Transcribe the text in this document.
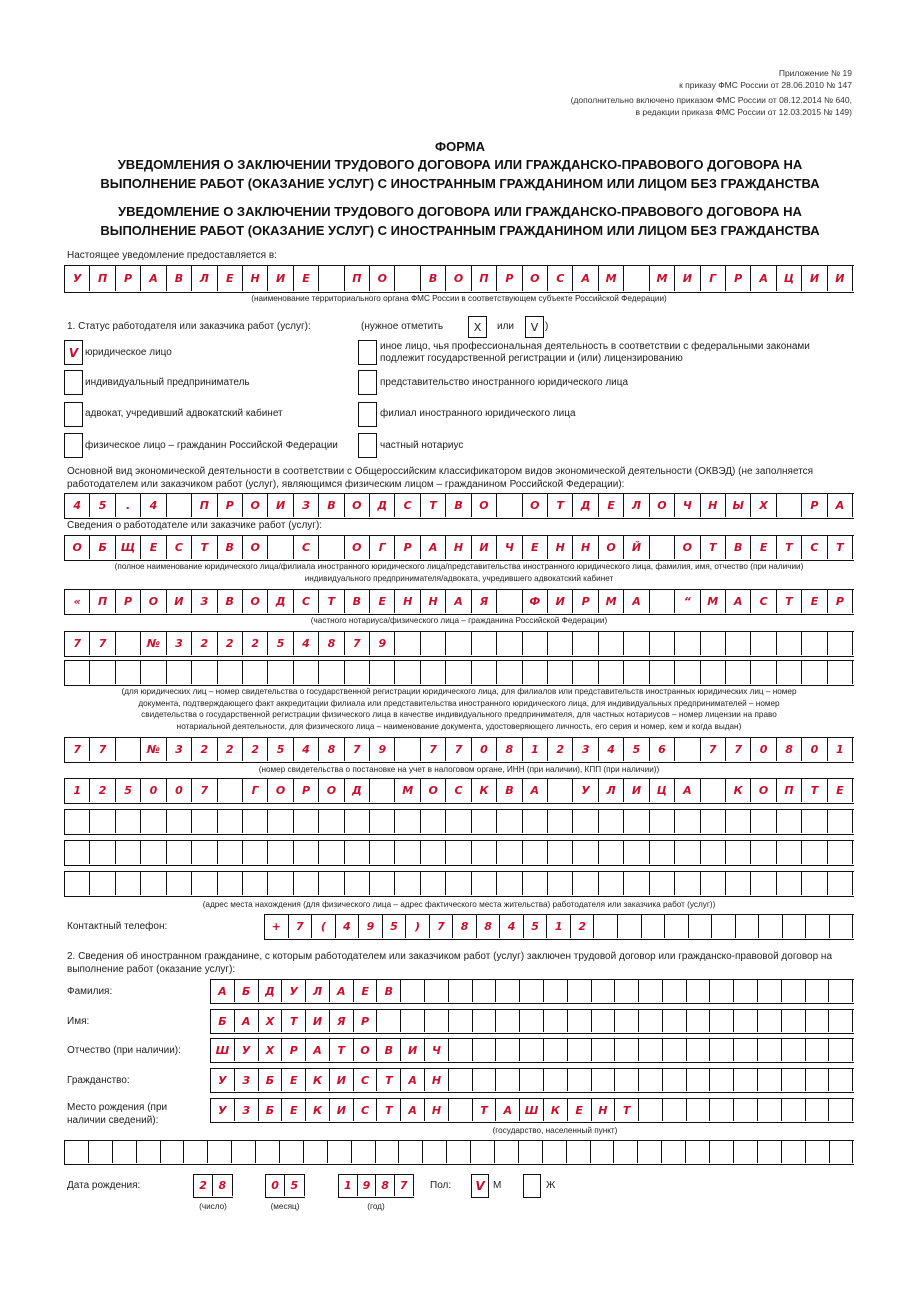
Приложение № 19
к приказу ФМС России от 28.06.2010 № 147
(дополнительно включено приказом ФМС России от 08.12.2014 № 640,
в редакции приказа ФМС России от 12.03.2015 № 149)
ФОРМА
УВЕДОМЛЕНИЯ О ЗАКЛЮЧЕНИИ ТРУДОВОГО ДОГОВОРА ИЛИ ГРАЖДАНСКО-ПРАВОВОГО ДОГОВОРА НА
ВЫПОЛНЕНИЕ РАБОТ (ОКАЗАНИЕ УСЛУГ) С ИНОСТРАННЫМ ГРАЖДАНИНОМ ИЛИ ЛИЦОМ БЕЗ ГРАЖДАНСТВА
УВЕДОМЛЕНИЕ О ЗАКЛЮЧЕНИИ ТРУДОВОГО ДОГОВОРА ИЛИ ГРАЖДАНСКО-ПРАВОВОГО ДОГОВОРА НА
ВЫПОЛНЕНИЕ РАБОТ (ОКАЗАНИЕ УСЛУГ) С ИНОСТРАННЫМ ГРАЖДАНИНОМ ИЛИ ЛИЦОМ БЕЗ ГРАЖДАНСТВА
Настоящее уведомление предоставляется в:
У	П	Р	А	В	Л	Е	Н	И	Е	П	О	В	О	П	Р	О	С	А	М	М	И	Г	Р	А	Ц	И	И
(наименование территориального органа ФМС России в соответствующем субъекте Российской Федерации)
1. Статус работодателя или заказчика работ (услуг):	(нужное отметить	X	или	V )
V юридическое лицо
индивидуальный предприниматель
адвокат, учредивший адвокатский кабинет
физическое лицо – гражданин Российской Федерации
иное лицо, чья профессиональная деятельность в соответствии с федеральными законами подлежит государственной регистрации и (или) лицензированию
представительство иностранного юридического лица
филиал иностранного юридического лица
частный нотариус
Основной вид экономической деятельности в соответствии с Общероссийским классификатором видов экономической деятельности (ОКВЭД) (не заполняется работодателем или заказчиком работ (услуг), являющимся физическим лицом – гражданином Российской Федерации):
4	5	.	4	П	Р	О	И	З	В	О	Д	С	Т	В	О	О	Т	Д	Е	Л	О	Ч	Н	Ы	Х	Р	А
Сведения о работодателе или заказчике работ (услуг):
О	Б	Щ	Е	С	Т	В	О	С	О	Г	Р	А	Н	И	Ч	Е	Н	Н	О	Й	О	Т	В	Е	Т	С	Т
(полное наименование юридического лица/филиала иностранного юридического лица/представительства иностранного юридического лица, фамилия, имя, отчество (при наличии)
индивидуального предпринимателя/адвоката, учредившего адвокатский кабинет
«	П	Р	О	И	З	В	О	Д	С	Т	В	Е	Н	Н	А	Я	Ф	И	Р	М	А	“	М	А	С	Т	Е	Р
(частного нотариуса/физического лица – гражданина Российской Федерации)
7	7	№	3	2	2	2	5	4	8	7	9
(для юридических лиц – номер свидетельства о государственной регистрации юридического лица, для филиалов или представительств иностранных юридических лиц – номер
документа, подтверждающего факт аккредитации филиала или представительства иностранного юридического лица, для индивидуальных предпринимателей – номер
свидетельства о государственной регистрации физического лица в качестве индивидуального предпринимателя, для частных нотариусов – номер лицензии на право
нотариальной деятельности, для физического лица – наименование документа, удостоверяющего личность, его серия и номер, кем и когда выдан)
7	7	№	3	2	2	2	5	4	8	7	9	7	7	0	8	1	2	3	4	5	6	7	7	0	8	0	1
(номер свидетельства о постановке на учет в налоговом органе, ИНН (при наличии), КПП (при наличии))
1	2	5	0	0	7	Г	О	Р	О	Д	М	О	С	К	В	А	У	Л	И	Ц	А	К	О	П	Т	Е
(адрес места нахождения (для физического лица – адрес фактического места жительства) работодателя или заказчика работ (услуг))
Контактный телефон:	+	7	(	4	9	5	)	7	8	8	4	5	1	2
2. Сведения об иностранном гражданине, с которым работодателем или заказчиком работ (услуг) заключен трудовой договор или гражданско-правовой договор на выполнение работ (оказание услуг):
Фамилия:	А	Б	Д	У	Л	А	Е	В
Имя:	Б	А	Х	Т	И	Я	Р
Отчество (при наличии):	Ш	У	Х	Р	А	Т	О	В	И	Ч
Гражданство:	У	З	Б	Е	К	И	С	Т	А	Н
Место рождения (при наличии сведений):
У	З	Б	Е	К	И	С	Т	А	Н	Т	А	Ш	К	Е	Н	Т
(государство, населенный пункт)
Дата рождения:	2	8	0	5	1 9 8 7
(число)	(месяц)	(год)
Пол:	V М	Ж
